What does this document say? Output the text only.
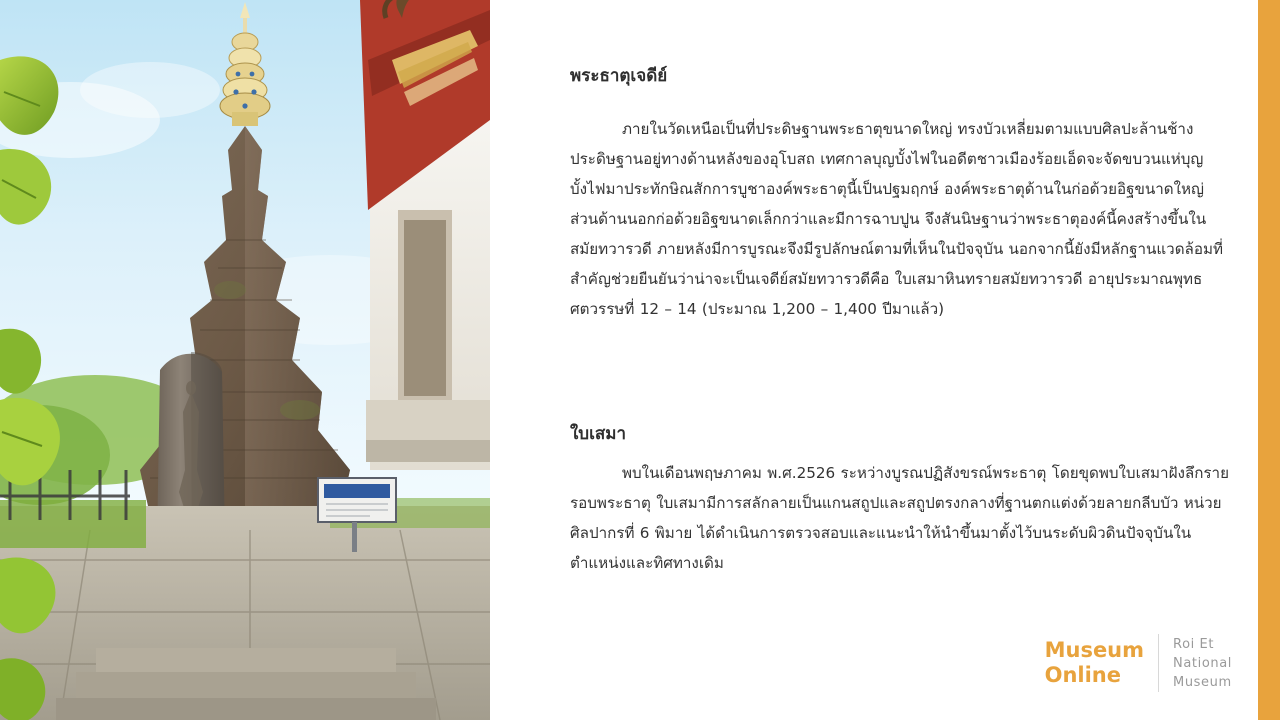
พระธาตุเจดีย์
ภายในวัดเหนือเป็นที่ประดิษฐานพระธาตุขนาดใหญ่ ทรงบัวเหลี่ยมตามแบบศิลปะล้านช้าง ประดิษฐานอยู่ทางด้านหลังของอุโบสถ เทศกาลบุญบั้งไฟในอดีตชาวเมืองร้อยเอ็ดจะจัดขบวนแห่บุญบั้งไฟมาประทักษิณสักการบูชาองค์พระธาตุนี้เป็นปฐมฤกษ์ องค์พระธาตุด้านในก่อด้วยอิฐขนาดใหญ่ ส่วนด้านนอกก่อด้วยอิฐขนาดเล็กกว่าและมีการฉาบปูน จึงสันนิษฐานว่าพระธาตุองค์นี้คงสร้างขึ้นในสมัยทวารวดี ภายหลังมีการบูรณะจึงมีรูปลักษณ์ตามที่เห็นในปัจจุบัน นอกจากนี้ยังมีหลักฐานแวดล้อมที่สำคัญช่วยยืนยันว่าน่าจะเป็นเจดีย์สมัยทวารวดีคือ ใบเสมาหินทรายสมัยทวารวดี อายุประมาณพุทธศตวรรษที่ 12 – 14 (ประมาณ 1,200 – 1,400 ปีมาแล้ว)
ใบเสมา
พบในเดือนพฤษภาคม พ.ศ.2526 ระหว่างบูรณปฏิสังขรณ์พระธาตุ โดยขุดพบใบเสมาฝังลึกรายรอบพระธาตุ ใบเสมามีการสลักลายเป็นแกนสถูปและสถูปตรงกลางที่ฐานตกแต่งด้วยลายกลีบบัว หน่วยศิลปากรที่ 6 พิมาย ได้ดำเนินการตรวจสอบและแนะนำให้นำขึ้นมาตั้งไว้บนระดับผิวดินปัจจุบันในตำแหน่งและทิศทางเดิม
Museum
Online
Roi Et
National
Museum
